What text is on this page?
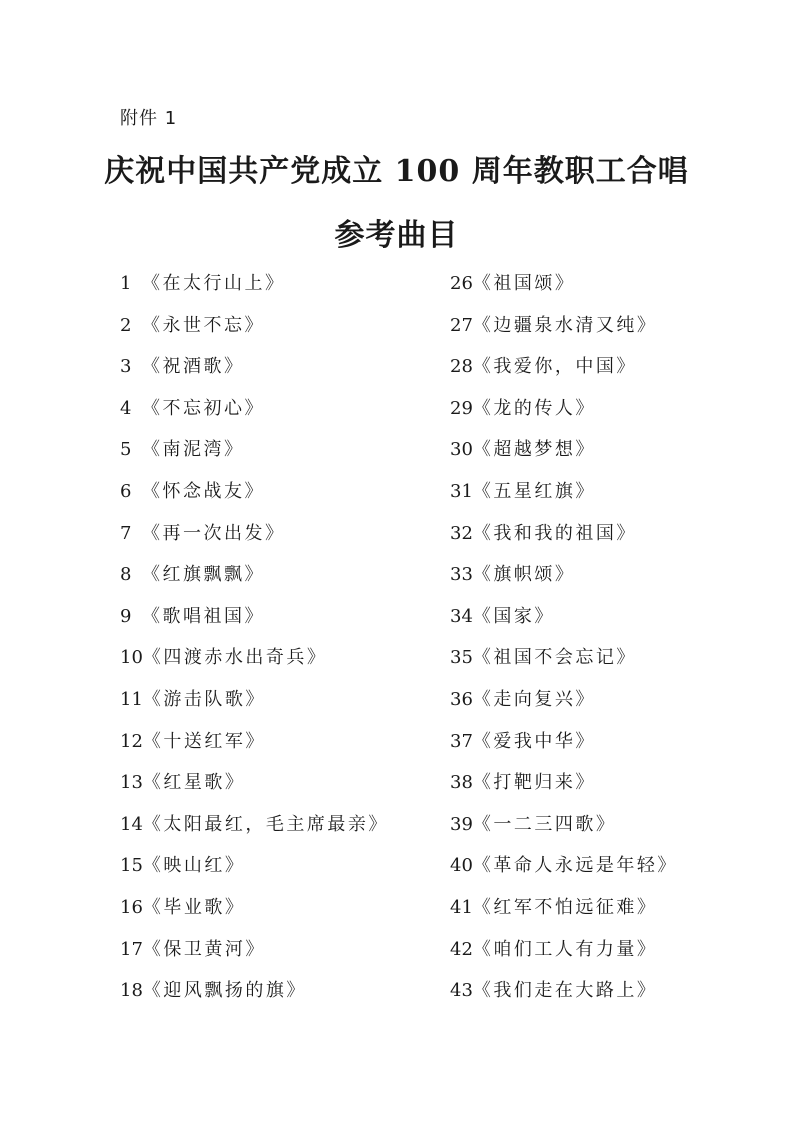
附件 1
庆祝中国共产党成立 100 周年教职工合唱
参考曲目
1 《在太行山上》
2 《永世不忘》
3 《祝酒歌》
4 《不忘初心》
5 《南泥湾》
6 《怀念战友》
7 《再一次出发》
8 《红旗飘飘》
9 《歌唱祖国》
10《四渡赤水出奇兵》
11《游击队歌》
12《十送红军》
13《红星歌》
14《太阳最红，毛主席最亲》
15《映山红》
16《毕业歌》
17《保卫黄河》
18《迎风飘扬的旗》
26《祖国颂》
27《边疆泉水清又纯》
28《我爱你，中国》
29《龙的传人》
30《超越梦想》
31《五星红旗》
32《我和我的祖国》
33《旗帜颂》
34《国家》
35《祖国不会忘记》
36《走向复兴》
37《爱我中华》
38《打靶归来》
39《一二三四歌》
40《革命人永远是年轻》
41《红军不怕远征难》
42《咱们工人有力量》
43《我们走在大路上》
